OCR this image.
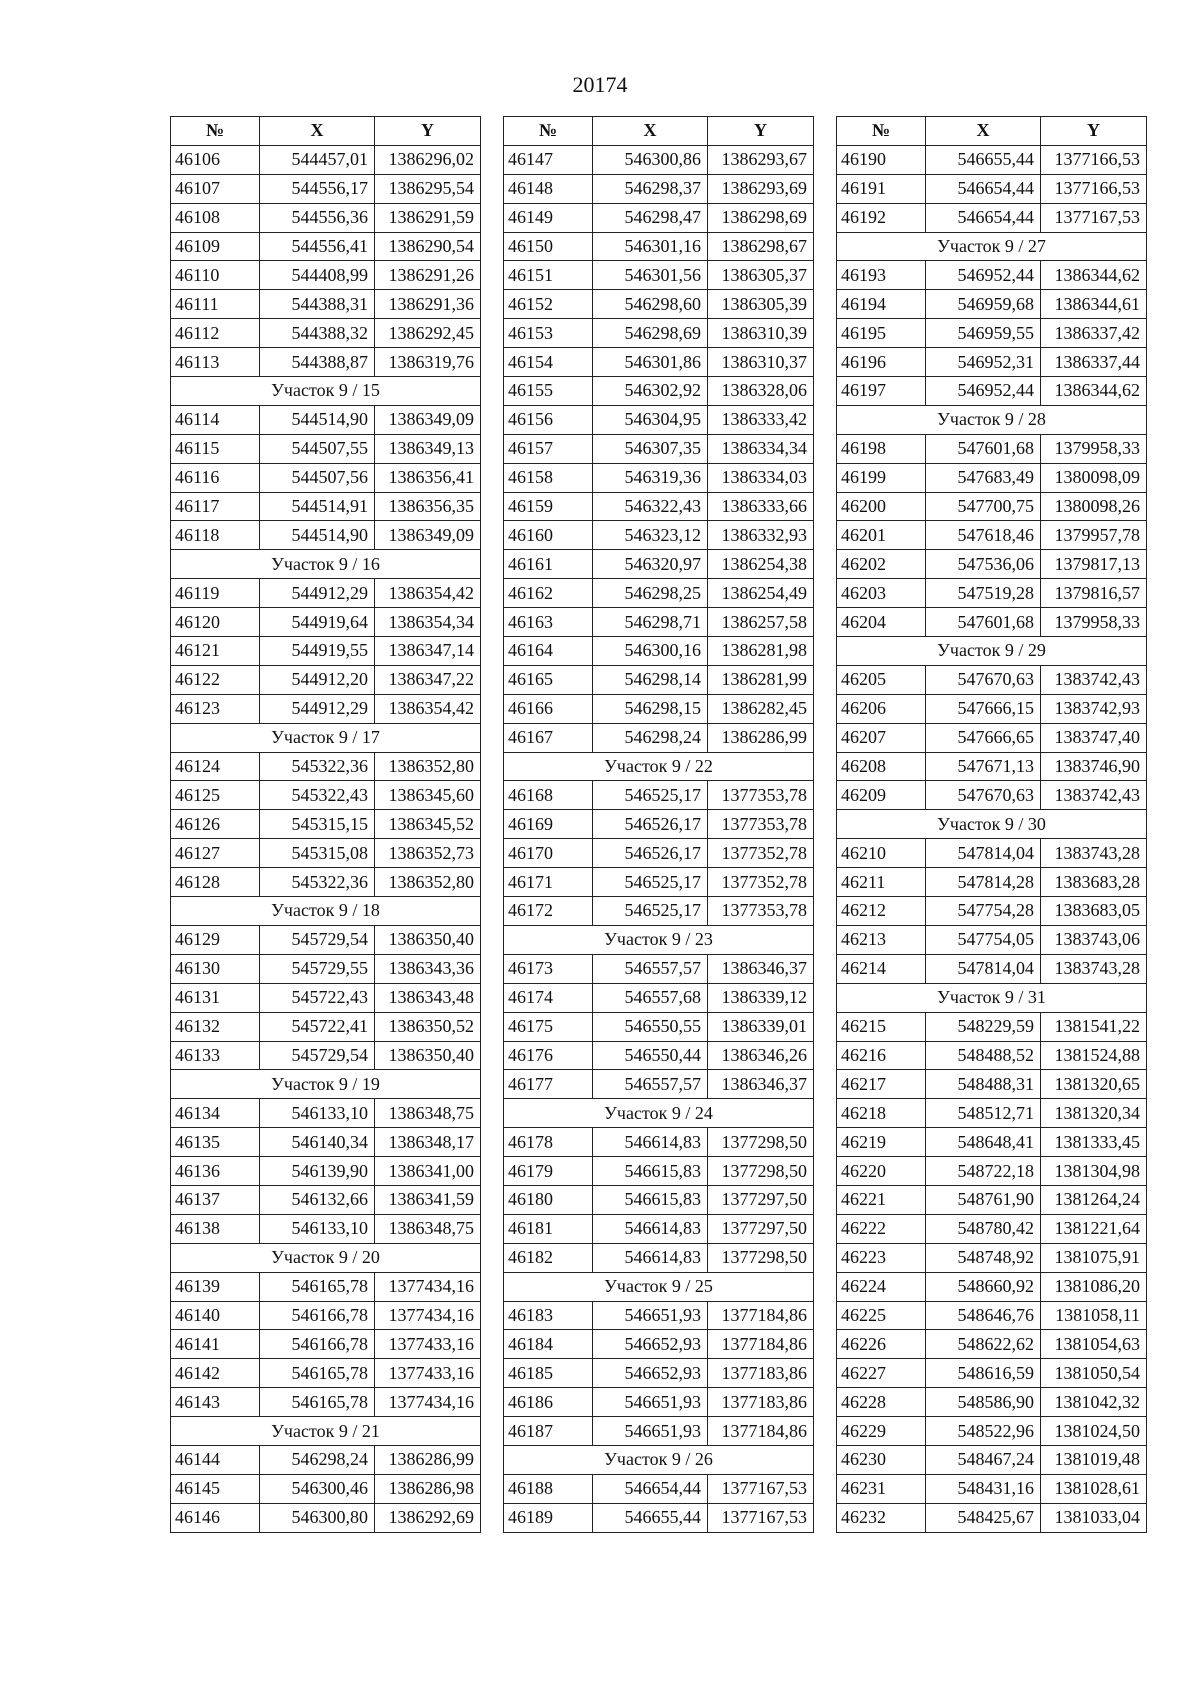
20174
№	X	Y
46106	544457,01	1386296,02
46107	544556,17	1386295,54
46108	544556,36	1386291,59
46109	544556,41	1386290,54
46110	544408,99	1386291,26
46111	544388,31	1386291,36
46112	544388,32	1386292,45
46113	544388,87	1386319,76
Участок 9 / 15		
46114	544514,90	1386349,09
46115	544507,55	1386349,13
46116	544507,56	1386356,41
46117	544514,91	1386356,35
46118	544514,90	1386349,09
Участок 9 / 16		
46119	544912,29	1386354,42
46120	544919,64	1386354,34
46121	544919,55	1386347,14
46122	544912,20	1386347,22
46123	544912,29	1386354,42
Участок 9 / 17		
46124	545322,36	1386352,80
46125	545322,43	1386345,60
46126	545315,15	1386345,52
46127	545315,08	1386352,73
46128	545322,36	1386352,80
Участок 9 / 18		
46129	545729,54	1386350,40
46130	545729,55	1386343,36
46131	545722,43	1386343,48
46132	545722,41	1386350,52
46133	545729,54	1386350,40
Участок 9 / 19		
46134	546133,10	1386348,75
46135	546140,34	1386348,17
46136	546139,90	1386341,00
46137	546132,66	1386341,59
46138	546133,10	1386348,75
Участок 9 / 20		
46139	546165,78	1377434,16
46140	546166,78	1377434,16
46141	546166,78	1377433,16
46142	546165,78	1377433,16
46143	546165,78	1377434,16
Участок 9 / 21		
46144	546298,24	1386286,99
46145	546300,46	1386286,98
46146	546300,80	1386292,69
№	X	Y
46147	546300,86	1386293,67
46148	546298,37	1386293,69
46149	546298,47	1386298,69
46150	546301,16	1386298,67
46151	546301,56	1386305,37
46152	546298,60	1386305,39
46153	546298,69	1386310,39
46154	546301,86	1386310,37
46155	546302,92	1386328,06
46156	546304,95	1386333,42
46157	546307,35	1386334,34
46158	546319,36	1386334,03
46159	546322,43	1386333,66
46160	546323,12	1386332,93
46161	546320,97	1386254,38
46162	546298,25	1386254,49
46163	546298,71	1386257,58
46164	546300,16	1386281,98
46165	546298,14	1386281,99
46166	546298,15	1386282,45
46167	546298,24	1386286,99
Участок 9 / 22		
46168	546525,17	1377353,78
46169	546526,17	1377353,78
46170	546526,17	1377352,78
46171	546525,17	1377352,78
46172	546525,17	1377353,78
Участок 9 / 23		
46173	546557,57	1386346,37
46174	546557,68	1386339,12
46175	546550,55	1386339,01
46176	546550,44	1386346,26
46177	546557,57	1386346,37
Участок 9 / 24		
46178	546614,83	1377298,50
46179	546615,83	1377298,50
46180	546615,83	1377297,50
46181	546614,83	1377297,50
46182	546614,83	1377298,50
Участок 9 / 25		
46183	546651,93	1377184,86
46184	546652,93	1377184,86
46185	546652,93	1377183,86
46186	546651,93	1377183,86
46187	546651,93	1377184,86
Участок 9 / 26		
46188	546654,44	1377167,53
46189	546655,44	1377167,53
№	X	Y
46190	546655,44	1377166,53
46191	546654,44	1377166,53
46192	546654,44	1377167,53
Участок 9 / 27		
46193	546952,44	1386344,62
46194	546959,68	1386344,61
46195	546959,55	1386337,42
46196	546952,31	1386337,44
46197	546952,44	1386344,62
Участок 9 / 28		
46198	547601,68	1379958,33
46199	547683,49	1380098,09
46200	547700,75	1380098,26
46201	547618,46	1379957,78
46202	547536,06	1379817,13
46203	547519,28	1379816,57
46204	547601,68	1379958,33
Участок 9 / 29		
46205	547670,63	1383742,43
46206	547666,15	1383742,93
46207	547666,65	1383747,40
46208	547671,13	1383746,90
46209	547670,63	1383742,43
Участок 9 / 30		
46210	547814,04	1383743,28
46211	547814,28	1383683,28
46212	547754,28	1383683,05
46213	547754,05	1383743,06
46214	547814,04	1383743,28
Участок 9 / 31		
46215	548229,59	1381541,22
46216	548488,52	1381524,88
46217	548488,31	1381320,65
46218	548512,71	1381320,34
46219	548648,41	1381333,45
46220	548722,18	1381304,98
46221	548761,90	1381264,24
46222	548780,42	1381221,64
46223	548748,92	1381075,91
46224	548660,92	1381086,20
46225	548646,76	1381058,11
46226	548622,62	1381054,63
46227	548616,59	1381050,54
46228	548586,90	1381042,32
46229	548522,96	1381024,50
46230	548467,24	1381019,48
46231	548431,16	1381028,61
46232	548425,67	1381033,04
